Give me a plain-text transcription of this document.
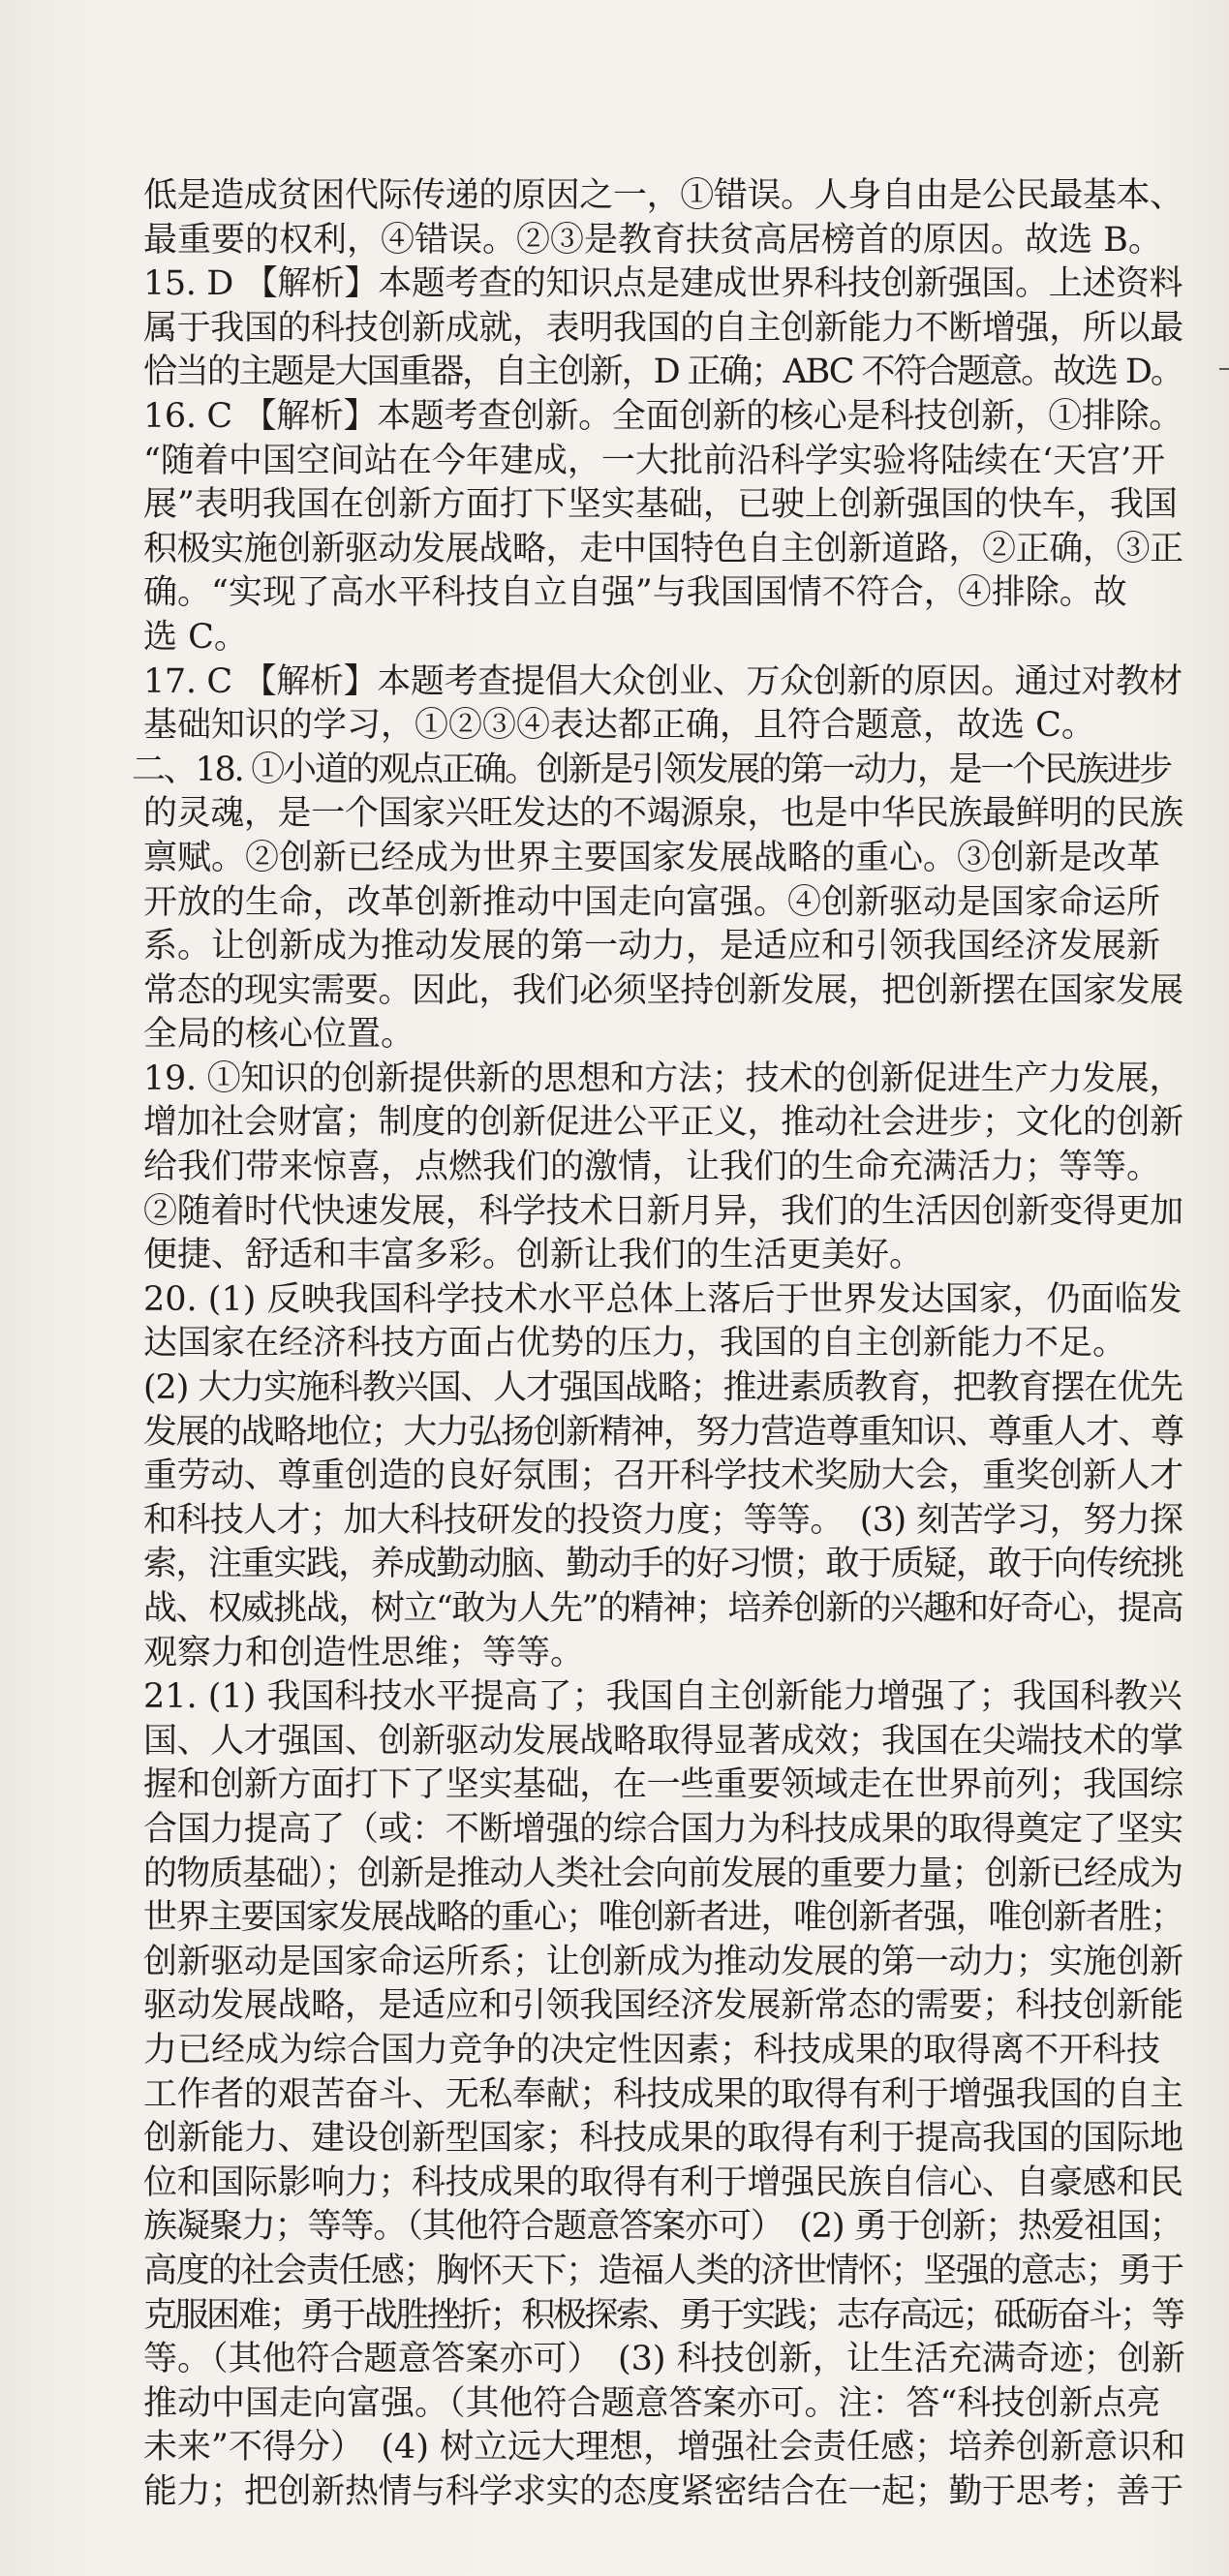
低是造成贫困代际传递的原因之一，①错误。人身自由是公民最基本、
最重要的权利，④错误。②③是教育扶贫高居榜首的原因。故选 B。
15. D 【解析】本题考查的知识点是建成世界科技创新强国。上述资料
属于我国的科技创新成就，表明我国的自主创新能力不断增强，所以最
恰当的主题是大国重器，自主创新，D 正确；ABC 不符合题意。故选 D。
16. C 【解析】本题考查创新。全面创新的核心是科技创新，①排除。
“随着中国空间站在今年建成，一大批前沿科学实验将陆续在‘天宫’开
展”表明我国在创新方面打下坚实基础，已驶上创新强国的快车，我国
积极实施创新驱动发展战略，走中国特色自主创新道路，②正确，③正
确。“实现了高水平科技自立自强”与我国国情不符合，④排除。故
选 C。
17. C 【解析】本题考查提倡大众创业、万众创新的原因。通过对教材
基础知识的学习，①②③④表达都正确，且符合题意，故选 C。
二、18. ①小道的观点正确。创新是引领发展的第一动力，是一个民族进步
的灵魂，是一个国家兴旺发达的不竭源泉，也是中华民族最鲜明的民族
禀赋。②创新已经成为世界主要国家发展战略的重心。③创新是改革
开放的生命，改革创新推动中国走向富强。④创新驱动是国家命运所
系。让创新成为推动发展的第一动力，是适应和引领我国经济发展新
常态的现实需要。因此，我们必须坚持创新发展，把创新摆在国家发展
全局的核心位置。
19. ①知识的创新提供新的思想和方法；技术的创新促进生产力发展，
增加社会财富；制度的创新促进公平正义，推动社会进步；文化的创新
给我们带来惊喜，点燃我们的激情，让我们的生命充满活力；等等。
②随着时代快速发展，科学技术日新月异，我们的生活因创新变得更加
便捷、舒适和丰富多彩。创新让我们的生活更美好。
20. (1) 反映我国科学技术水平总体上落后于世界发达国家，仍面临发
达国家在经济科技方面占优势的压力，我国的自主创新能力不足。
(2) 大力实施科教兴国、人才强国战略；推进素质教育，把教育摆在优先
发展的战略地位；大力弘扬创新精神，努力营造尊重知识、尊重人才、尊
重劳动、尊重创造的良好氛围；召开科学技术奖励大会，重奖创新人才
和科技人才；加大科技研发的投资力度；等等。　(3) 刻苦学习，努力探
索，注重实践，养成勤动脑、勤动手的好习惯；敢于质疑，敢于向传统挑
战、权威挑战，树立“敢为人先”的精神；培养创新的兴趣和好奇心，提高
观察力和创造性思维；等等。
21. (1) 我国科技水平提高了；我国自主创新能力增强了；我国科教兴
国、人才强国、创新驱动发展战略取得显著成效；我国在尖端技术的掌
握和创新方面打下了坚实基础，在一些重要领域走在世界前列；我国综
合国力提高了（或：不断增强的综合国力为科技成果的取得奠定了坚实
的物质基础）；创新是推动人类社会向前发展的重要力量；创新已经成为
世界主要国家发展战略的重心；唯创新者进，唯创新者强，唯创新者胜；
创新驱动是国家命运所系；让创新成为推动发展的第一动力；实施创新
驱动发展战略，是适应和引领我国经济发展新常态的需要；科技创新能
力已经成为综合国力竞争的决定性因素；科技成果的取得离不开科技
工作者的艰苦奋斗、无私奉献；科技成果的取得有利于增强我国的自主
创新能力、建设创新型国家；科技成果的取得有利于提高我国的国际地
位和国际影响力；科技成果的取得有利于增强民族自信心、自豪感和民
族凝聚力；等等。（其他符合题意答案亦可）　(2) 勇于创新；热爱祖国；
高度的社会责任感；胸怀天下；造福人类的济世情怀；坚强的意志；勇于
克服困难；勇于战胜挫折；积极探索、勇于实践；志存高远；砥砺奋斗；等
等。（其他符合题意答案亦可）　(3) 科技创新，让生活充满奇迹；创新
推动中国走向富强。（其他符合题意答案亦可。注：答“科技创新点亮
未来”不得分）　(4) 树立远大理想，增强社会责任感；培养创新意识和
能力；把创新热情与科学求实的态度紧密结合在一起；勤于思考；善于
